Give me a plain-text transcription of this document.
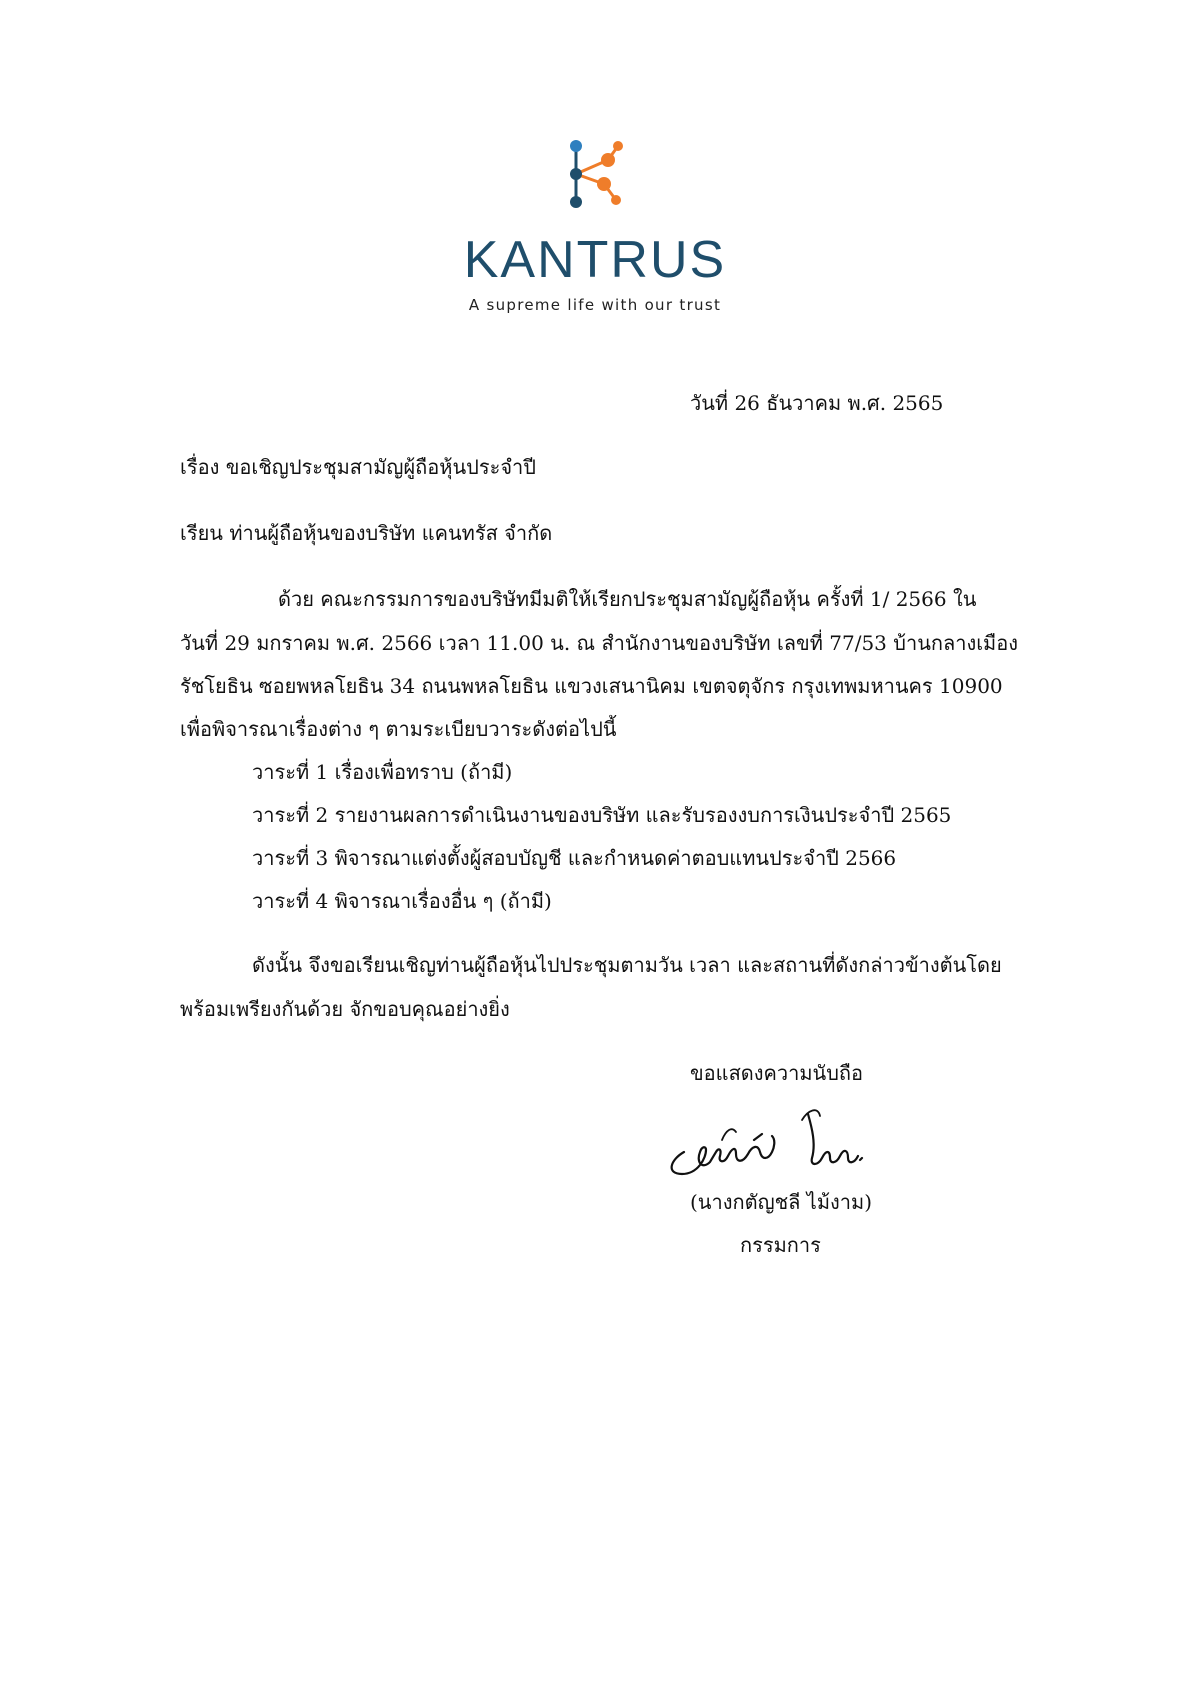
KANTRUS
A supreme life with our trust
วันที่ 26 ธันวาคม พ.ศ. 2565
เรื่อง ขอเชิญประชุมสามัญผู้ถือหุ้นประจำปี
เรียน ท่านผู้ถือหุ้นของบริษัท แคนทรัส จำกัด
ด้วย คณะกรรมการของบริษัทมีมติให้เรียกประชุมสามัญผู้ถือหุ้น ครั้งที่ 1/ 2566 ใน
วันที่ 29 มกราคม พ.ศ. 2566 เวลา 11.00 น. ณ สำนักงานของบริษัท เลขที่ 77/53 บ้านกลางเมือง
รัชโยธิน ซอยพหลโยธิน 34 ถนนพหลโยธิน แขวงเสนานิคม เขตจตุจักร กรุงเทพมหานคร 10900
เพื่อพิจารณาเรื่องต่าง ๆ ตามระเบียบวาระดังต่อไปนี้
วาระที่ 1 เรื่องเพื่อทราบ (ถ้ามี)
วาระที่ 2 รายงานผลการดำเนินงานของบริษัท และรับรองงบการเงินประจำปี 2565
วาระที่ 3 พิจารณาแต่งตั้งผู้สอบบัญชี และกำหนดค่าตอบแทนประจำปี 2566
วาระที่ 4 พิจารณาเรื่องอื่น ๆ (ถ้ามี)
ดังนั้น จึงขอเรียนเชิญท่านผู้ถือหุ้นไปประชุมตามวัน เวลา และสถานที่ดังกล่าวข้างต้นโดย
พร้อมเพรียงกันด้วย จักขอบคุณอย่างยิ่ง
ขอแสดงความนับถือ
(นางกตัญชลี ไม้งาม)
กรรมการ
